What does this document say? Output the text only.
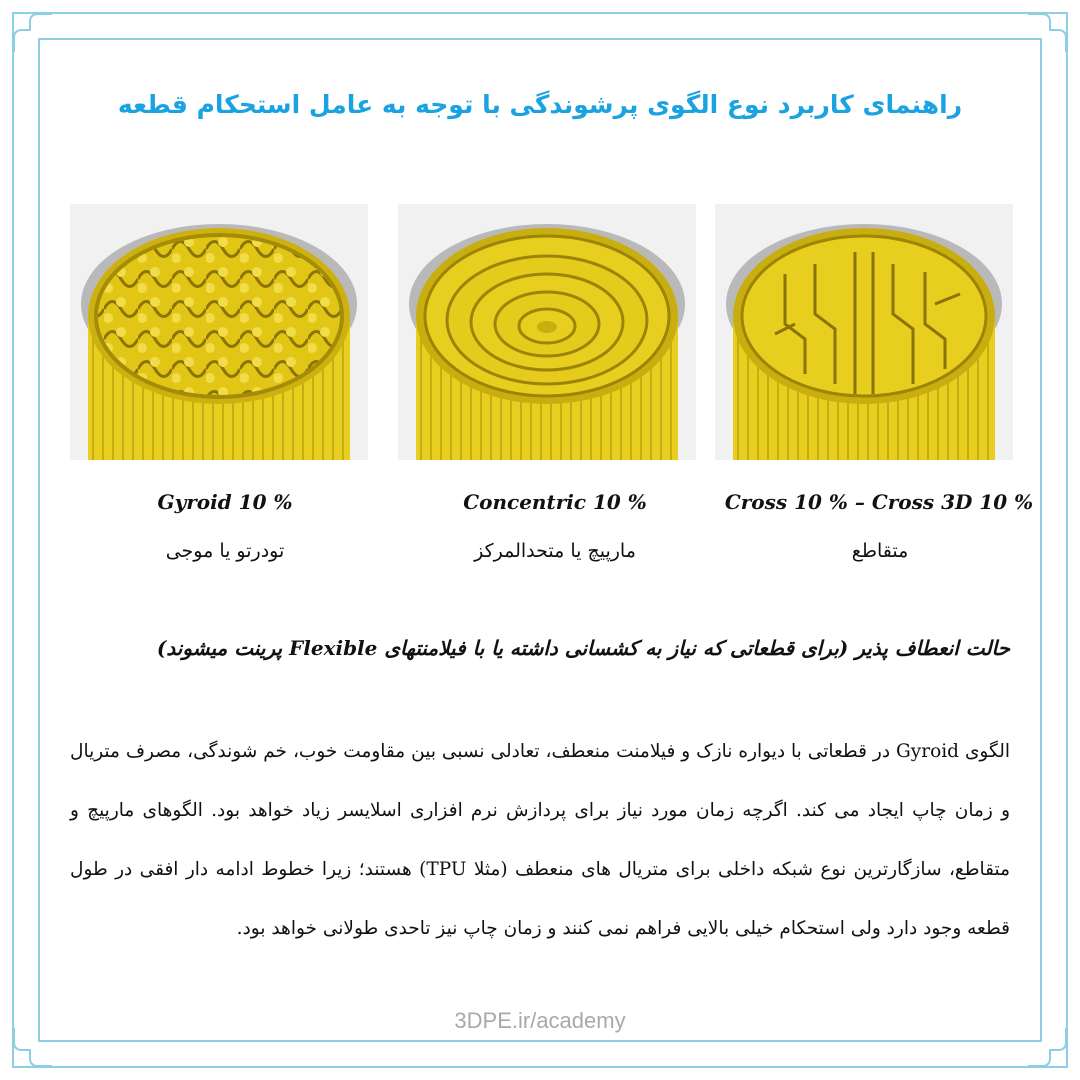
راهنمای کاربرد نوع الگوی پرشوندگی با توجه به عامل استحکام قطعه
Gyroid 10 %	Concentric 10 %	Cross 10 % – Cross 3D 10 %
تودرتو یا موجی	مارپیچ یا متحدالمرکز	متقاطع
حالت انعطاف پذیر (برای قطعاتی که نیاز به کشسانی داشته یا با فیلامنتهای Flexible پرینت میشوند)
الگوی Gyroid در قطعاتی با دیواره نازک و فیلامنت منعطف، تعادلی نسبی بین مقاومت خوب، خم شوندگی، مصرف متریال و زمان چاپ ایجاد می کند. اگرچه زمان مورد نیاز برای پردازش نرم افزاری اسلایسر زیاد خواهد بود. الگوهای مارپیچ و متقاطع، سازگارترین نوع شبکه داخلی برای متریال های منعطف (مثلا TPU) هستند؛ زیرا خطوط ادامه دار افقی در طول قطعه وجود دارد ولی استحکام خیلی بالایی فراهم نمی کنند و زمان چاپ نیز تاحدی طولانی خواهد بود.
3DPE.ir/academy
